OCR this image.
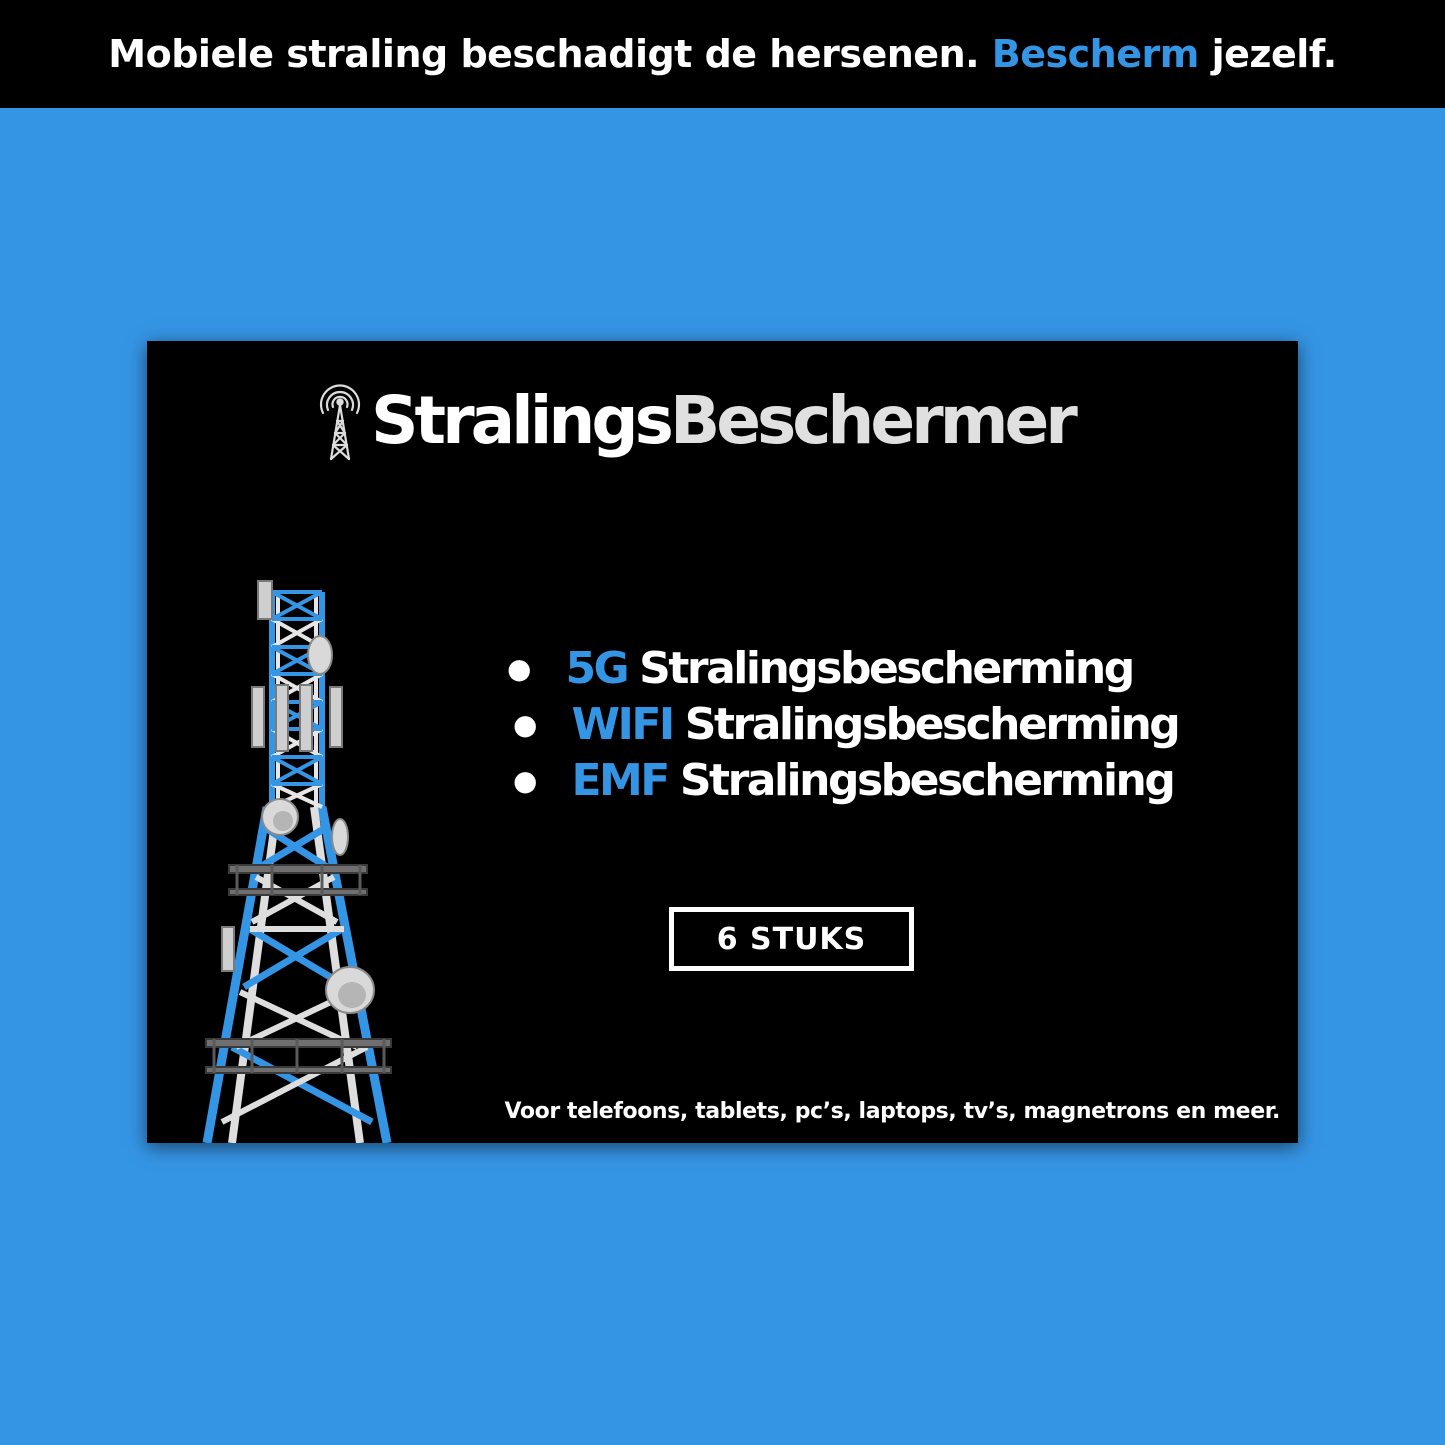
Mobiele straling beschadigt de hersenen. Bescherm jezelf.
StralingsBeschermer
● 5G Stralingsbescherming
● WIFI Stralingsbescherming
● EMF Stralingsbescherming
6 STUKS
Voor telefoons, tablets, pc’s, laptops, tv’s, magnetrons en meer.
